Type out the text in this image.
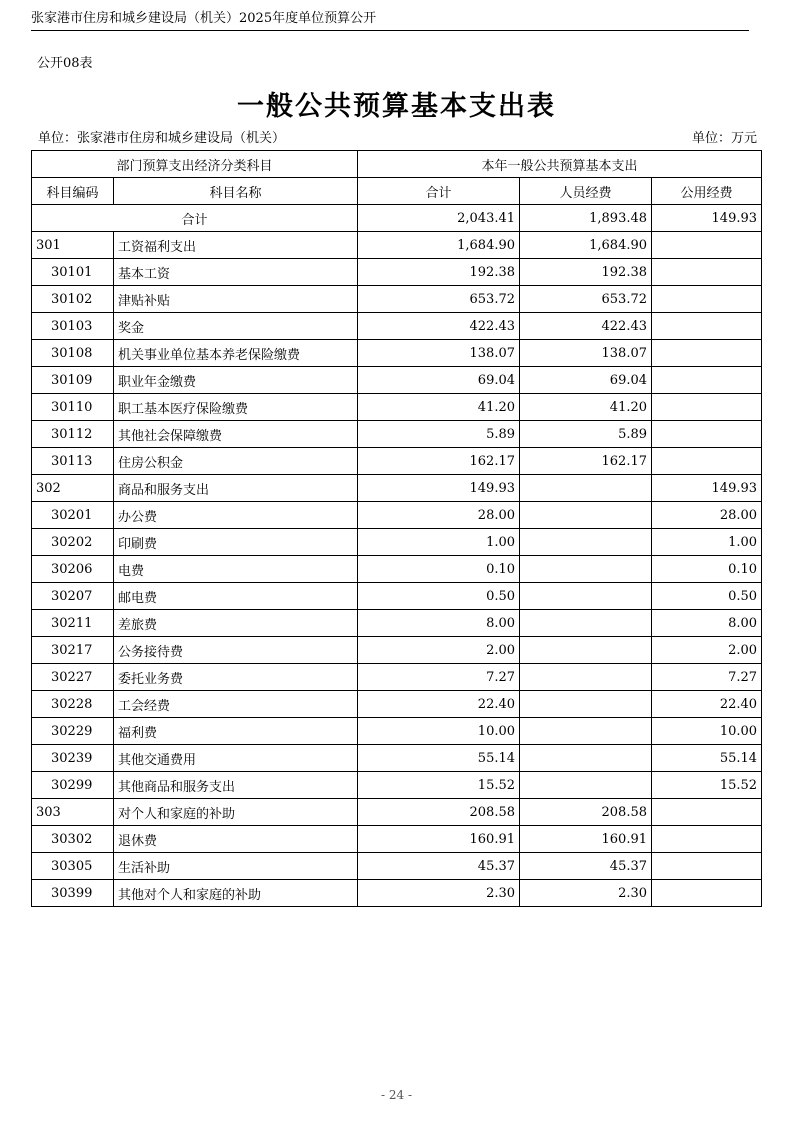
张家港市住房和城乡建设局（机关）2025年度单位预算公开
公开08表
一般公共预算基本支出表
单位：张家港市住房和城乡建设局（机关）	单位：万元
部门预算支出经济分类科目		本年一般公共预算基本支出		
科目编码	科目名称	合计	人员经费	公用经费
合计		2,043.41	1,893.48	149.93
301	工资福利支出	1,684.90	1,684.90	
30101	基本工资	192.38	192.38	
30102	津贴补贴	653.72	653.72	
30103	奖金	422.43	422.43	
30108	机关事业单位基本养老保险缴费	138.07	138.07	
30109	职业年金缴费	69.04	69.04	
30110	职工基本医疗保险缴费	41.20	41.20	
30112	其他社会保障缴费	5.89	5.89	
30113	住房公积金	162.17	162.17	
302	商品和服务支出	149.93		149.93
30201	办公费	28.00		28.00
30202	印刷费	1.00		1.00
30206	电费	0.10		0.10
30207	邮电费	0.50		0.50
30211	差旅费	8.00		8.00
30217	公务接待费	2.00		2.00
30227	委托业务费	7.27		7.27
30228	工会经费	22.40		22.40
30229	福利费	10.00		10.00
30239	其他交通费用	55.14		55.14
30299	其他商品和服务支出	15.52		15.52
303	对个人和家庭的补助	208.58	208.58	
30302	退休费	160.91	160.91	
30305	生活补助	45.37	45.37	
30399	其他对个人和家庭的补助	2.30	2.30	
- 24 -
